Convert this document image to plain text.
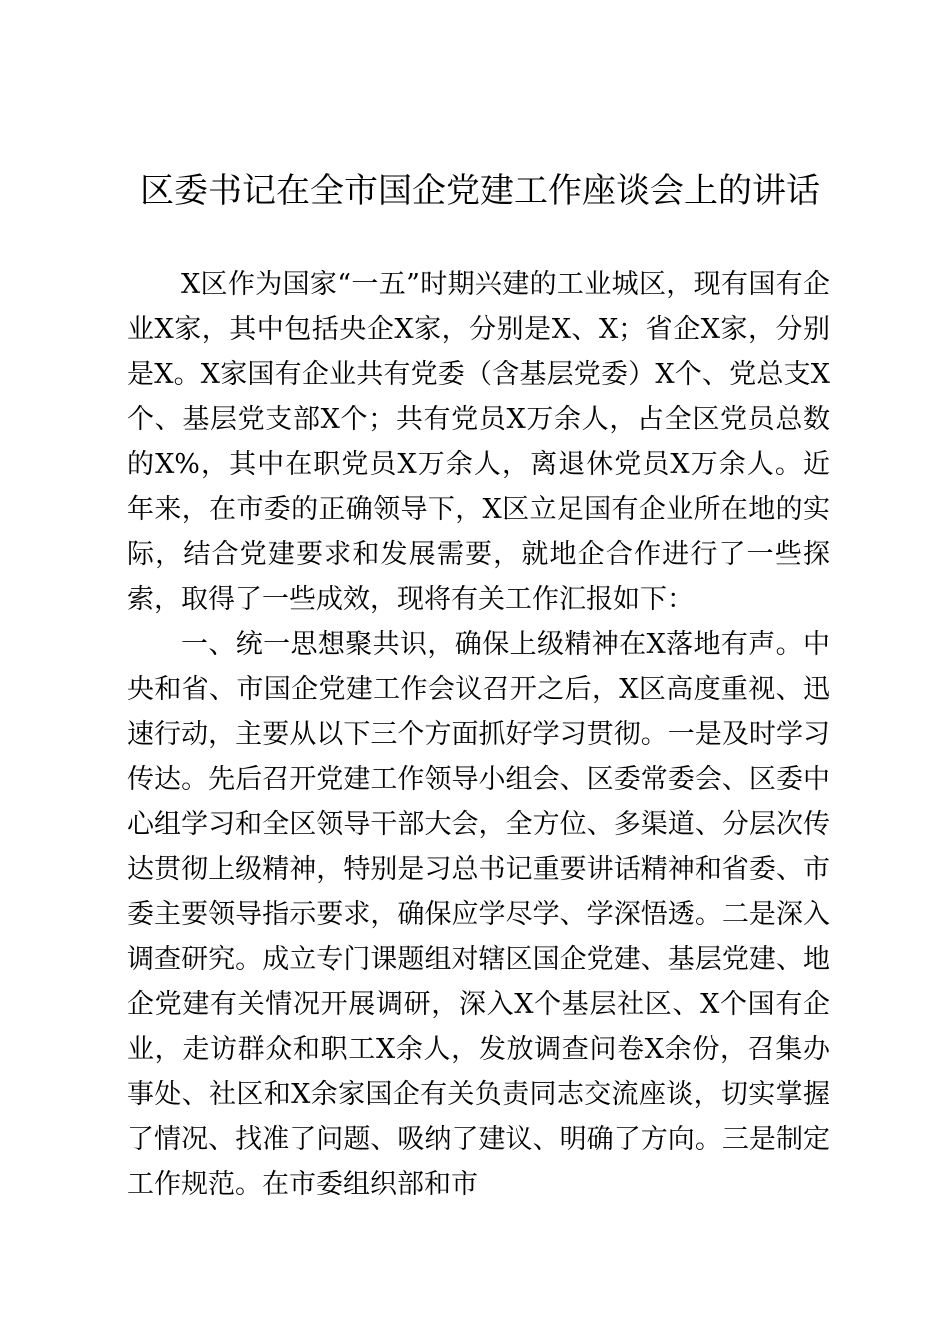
区委书记在全市国企党建工作座谈会上的讲话

X区作为国家“一五”时期兴建的工业城区，现有国有企业X家，其中包括央企X家，分别是X、X；省企X家，分别是X。X家国有企业共有党委（含基层党委）X个、党总支X个、基层党支部X个；共有党员X万余人，占全区党员总数的X%，其中在职党员X万余人，离退休党员X万余人。近年来，在市委的正确领导下，X区立足国有企业所在地的实际，结合党建要求和发展需要，就地企合作进行了一些探索，取得了一些成效，现将有关工作汇报如下：

一、统一思想聚共识，确保上级精神在X落地有声。中央和省、市国企党建工作会议召开之后，X区高度重视、迅速行动，主要从以下三个方面抓好学习贯彻。一是及时学习传达。先后召开党建工作领导小组会、区委常委会、区委中心组学习和全区领导干部大会，全方位、多渠道、分层次传达贯彻上级精神，特别是习总书记重要讲话精神和省委、市委主要领导指示要求，确保应学尽学、学深悟透。二是深入调查研究。成立专门课题组对辖区国企党建、基层党建、地企党建有关情况开展调研，深入X个基层社区、X个国有企业，走访群众和职工X余人，发放调查问卷X余份，召集办事处、社区和X余家国企有关负责同志交流座谈，切实掌握了情况、找准了问题、吸纳了建议、明确了方向。三是制定工作规范。在市委组织部和市
